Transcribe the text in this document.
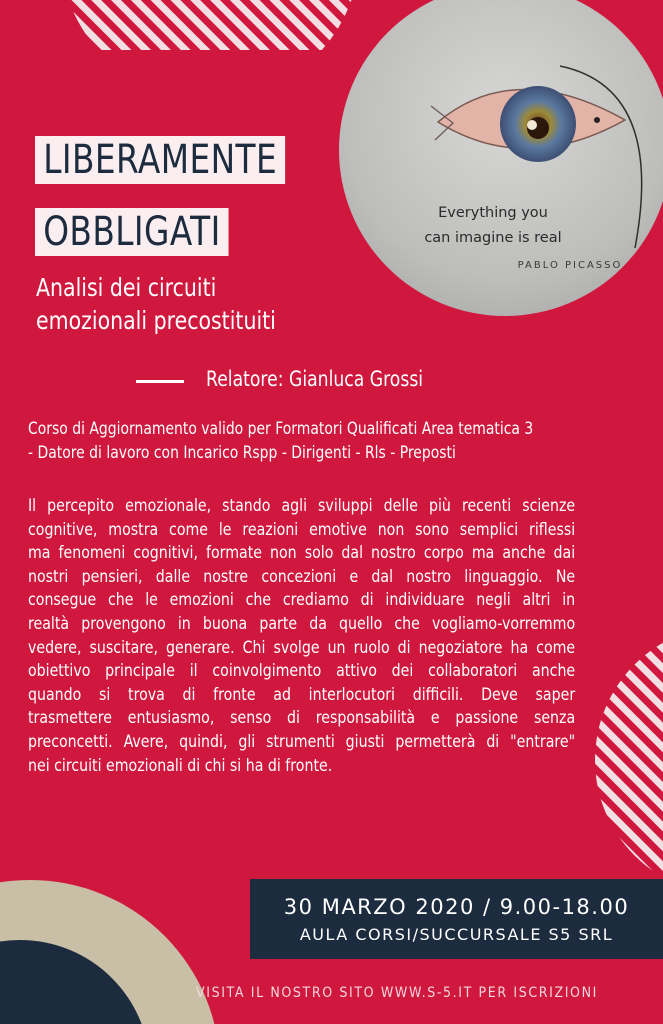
Everything you
can imagine is real
PABLO PICASSO
LIBERAMENTE
OBBLIGATI
Analisi dei circuiti
emozionali precostituiti
Relatore: Gianluca Grossi
Corso di Aggiornamento valido per Formatori Qualificati Area tematica 3
- Datore di lavoro con Incarico Rspp - Dirigenti - Rls - Preposti
Il percepito emozionale, stando agli sviluppi delle più recenti scienze
cognitive, mostra come le reazioni emotive non sono semplici riflessi
ma fenomeni cognitivi, formate non solo dal nostro corpo ma anche dai
nostri pensieri, dalle nostre concezioni e dal nostro linguaggio. Ne
consegue che le emozioni che crediamo di individuare negli altri in
realtà provengono in buona parte da quello che vogliamo-vorremmo
vedere, suscitare, generare. Chi svolge un ruolo di negoziatore ha come
obiettivo principale il coinvolgimento attivo dei collaboratori anche
quando si trova di fronte ad interlocutori difficili. Deve saper
trasmettere entusiasmo, senso di responsabilità e passione senza
preconcetti. Avere, quindi, gli strumenti giusti permetterà di "entrare"
nei circuiti emozionali di chi si ha di fronte.
30 MARZO 2020 / 9.00-18.00
AULA CORSI/SUCCURSALE S5 SRL
VISITA IL NOSTRO SITO WWW.S-5.IT PER ISCRIZIONI
